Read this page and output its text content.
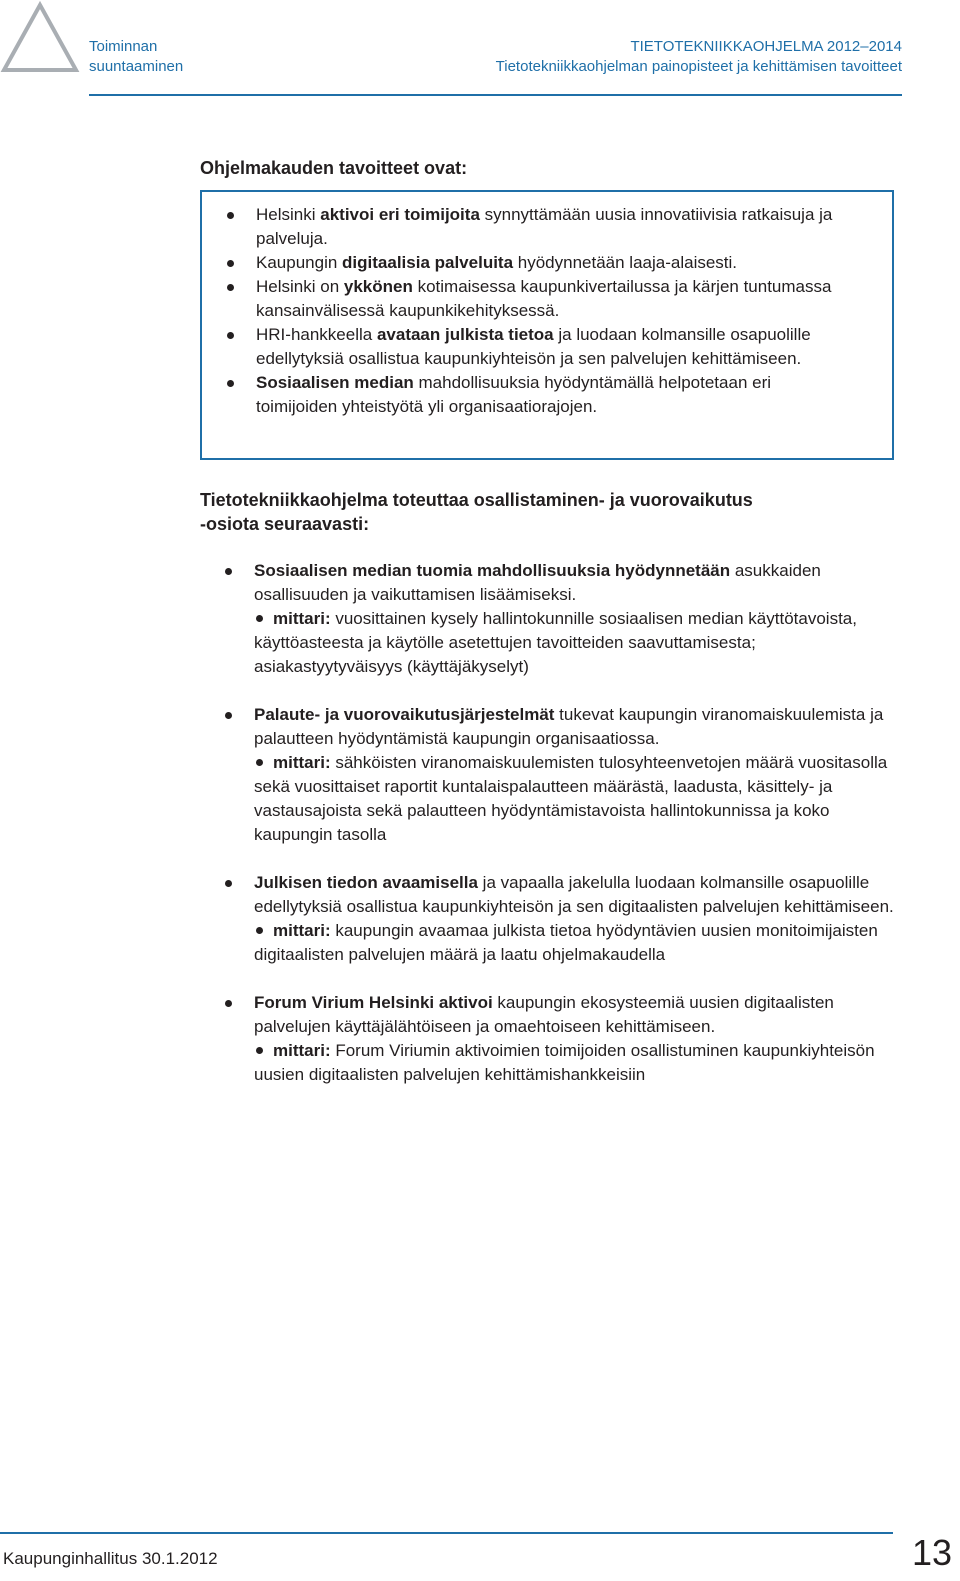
Toiminnan
suuntaaminen
TIETOTEKNIIKKAOHJELMA 2012–2014
Tietotekniikkaohjelman painopisteet ja kehittämisen tavoitteet
Ohjelmakauden tavoitteet ovat:
Helsinki aktivoi eri toimijoita synnyttämään uusia innovatiivisia ratkaisuja ja palveluja.
Kaupungin digitaalisia palveluita hyödynnetään laaja-alaisesti.
Helsinki on ykkönen kotimaisessa kaupunkivertailussa ja kärjen tuntumassa kansainvälisessä kaupunkikehityksessä.
HRI-hankkeella avataan julkista tietoa ja luodaan kolmansille osapuolille edellytyksiä osallistua kaupunkiyhteisön ja sen palvelujen kehittämiseen.
Sosiaalisen median mahdollisuuksia hyödyntämällä helpotetaan eri toimijoiden yhteistyötä yli organisaatiorajojen.
Tietotekniikkaohjelma toteuttaa osallistaminen- ja vuorovaikutus -osiota seuraavasti:
Sosiaalisen median tuomia mahdollisuuksia hyödynnetään asukkaiden osallisuuden ja vaikuttamisen lisäämiseksi.
mittari: vuosittainen kysely hallintokunnille sosiaalisen median käyttötavoista, käyttöasteesta ja käytölle asetettujen tavoitteiden saavuttamisesta; asiakastyytyväisyys (käyttäjäkyselyt)
Palaute- ja vuorovaikutusjärjestelmät tukevat kaupungin viranomaiskuulemista ja palautteen hyödyntämistä kaupungin organisaatiossa.
mittari: sähköisten viranomaiskuulemisten tulosyhteenvetojen määrä vuositasolla sekä vuosittaiset raportit kuntalaispalautteen määrästä, laadusta, käsittely- ja vastausajoista sekä palautteen hyödyntämistavoista hallintokunnissa ja koko kaupungin tasolla
Julkisen tiedon avaamisella ja vapaalla jakelulla luodaan kolmansille osapuolille edellytyksiä osallistua kaupunkiyhteisön ja sen digitaalisten palvelujen kehittämiseen.
mittari: kaupungin avaamaa julkista tietoa hyödyntävien uusien monitoimijaisten digitaalisten palvelujen määrä ja laatu ohjelmakaudella
Forum Virium Helsinki aktivoi kaupungin ekosysteemiä uusien digitaalisten palvelujen käyttäjälähtöiseen ja omaehtoiseen kehittämiseen.
mittari: Forum Viriumin aktivoimien toimijoiden osallistuminen kaupunkiyhteisön uusien digitaalisten palvelujen kehittämishankkeisiin
Kaupunginhallitus 30.1.2012	13
